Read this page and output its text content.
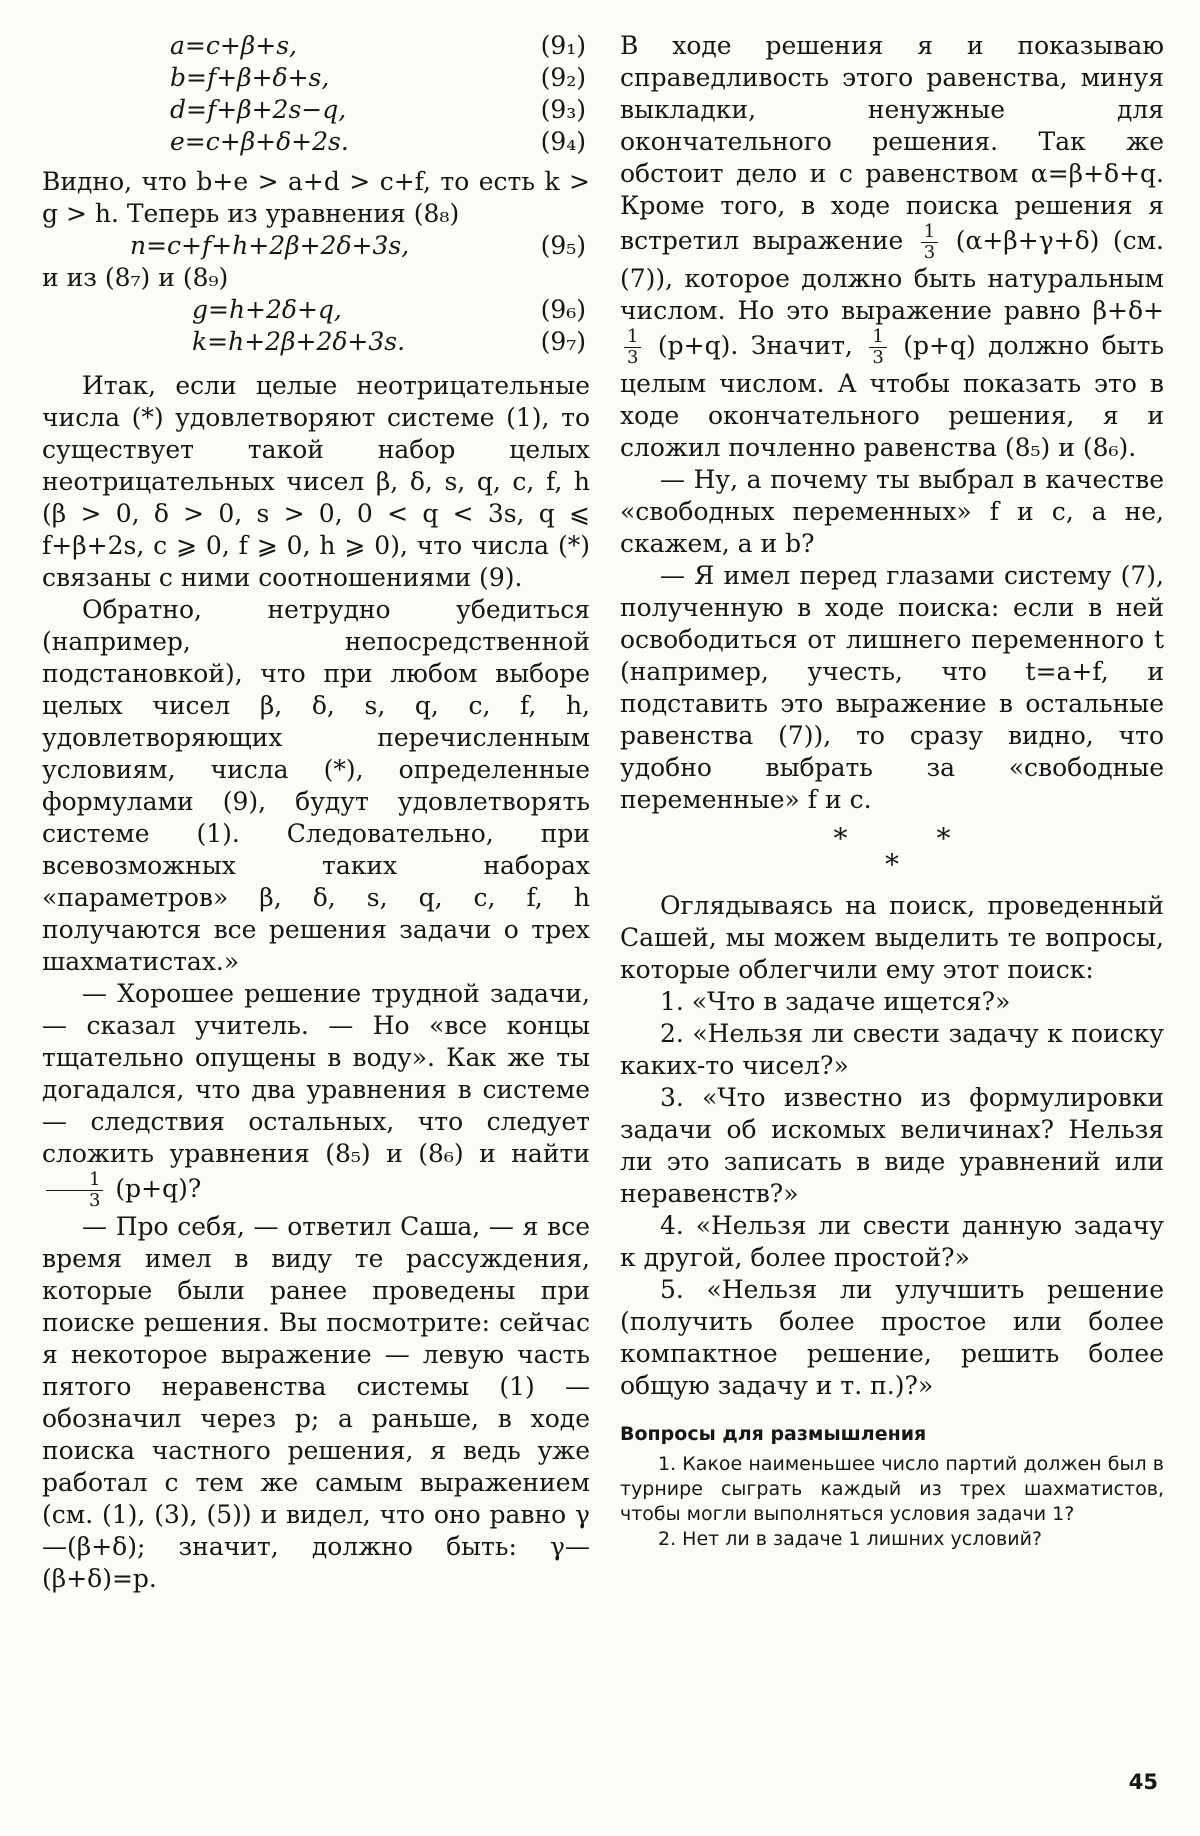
a=c+β+s,	(9₁)
b=f+β+δ+s,	(9₂)
d=f+β+2s−q,	(9₃)
e=c+β+δ+2s.	(9₄)

Видно, что b+e > a+d > c+f, то есть k > g > h. Теперь из уравнения (8₈)

n=c+f+h+2β+2δ+3s,	(9₅)

и из (8₇) и (8₉)

g=h+2δ+q,	(9₆)
k=h+2β+2δ+3s.	(9₇)

Итак, если целые неотрицательные числа (*) удовлетворяют системе (1), то существует такой набор целых неотрицательных чисел β, δ, s, q, c, f, h (β > 0, δ > 0, s > 0, 0 < q < 3s, q ⩽ f+β+2s, c ⩾ 0, f ⩾ 0, h ⩾ 0), что числа (*) связаны с ними соотношениями (9).

Обратно, нетрудно убедиться (например, непосредственной подстановкой), что при любом выборе целых чисел β, δ, s, q, c, f, h, удовлетворяющих перечисленным условиям, числа (*), определенные формулами (9), будут удовлетворять системе (1). Следовательно, при всевозможных таких наборах «параметров» β, δ, s, q, c, f, h получаются все решения задачи о трех шахматистах.»

— Хорошее решение трудной задачи, — сказал учитель. — Но «все концы тщательно опущены в воду». Как же ты догадался, что два уравнения в системе — следствия остальных, что следует сложить уравнения (8₅) и (8₆) и найти
$\frac{1}{3} (p+q)$?

— Про себя, — ответил Саша, — я все время имел в виду те рассуждения, которые были ранее проведены при поиске решения. Вы посмотрите: сейчас я некоторое выражение — левую часть пятого неравенства системы (1) — обозначил через p; а раньше, в ходе поиска частного решения, я ведь уже работал с тем же самым выражением (см. (1), (3), (5)) и видел, что оно равно γ—(β+δ); значит, должно быть: γ—(β+δ)=p.

В ходе решения я и показываю справедливость этого равенства, минуя выкладки, ненужные для окончательного решения. Так же обстоит дело и с равенством α=β+δ+q. Кроме того, в ходе поиска решения я встретил выражение $\frac{1}{3} (\alpha+\beta+\gamma+\delta)$ (см. (7)), которое должно быть натуральным числом. Но это выражение равно β+δ+
$\frac{1}{3} (p+q)$. Значит, $\frac{1}{3} (p+q)$ должно быть целым числом. А чтобы показать это в ходе окончательного решения, я и сложил почленно равенства (8₅) и (8₆).

— Ну, а почему ты выбрал в качестве «свободных переменных» f и c, а не, скажем, a и b?

— Я имел перед глазами систему (7), полученную в ходе поиска: если в ней освободиться от лишнего переменного t (например, учесть, что t=a+f, и подставить это выражение в остальные равенства (7)), то сразу видно, что удобно выбрать за «свободные переменные» f и c.

* *
*

Оглядываясь на поиск, проведенный Сашей, мы можем выделить те вопросы, которые облегчили ему этот поиск:

1. «Что в задаче ищется?»

2. «Нельзя ли свести задачу к поиску каких-то чисел?»

3. «Что известно из формулировки задачи об искомых величинах? Нельзя ли это записать в виде уравнений или неравенств?»

4. «Нельзя ли свести данную задачу к другой, более простой?»

5. «Нельзя ли улучшить решение (получить более простое или более компактное решение, решить более общую задачу и т. п.)?»

Вопросы для размышления

1. Какое наименьшее число партий должен был в турнире сыграть каждый из трех шахматистов, чтобы могли выполняться условия задачи 1?

2. Нет ли в задаче 1 лишних условий?

45
